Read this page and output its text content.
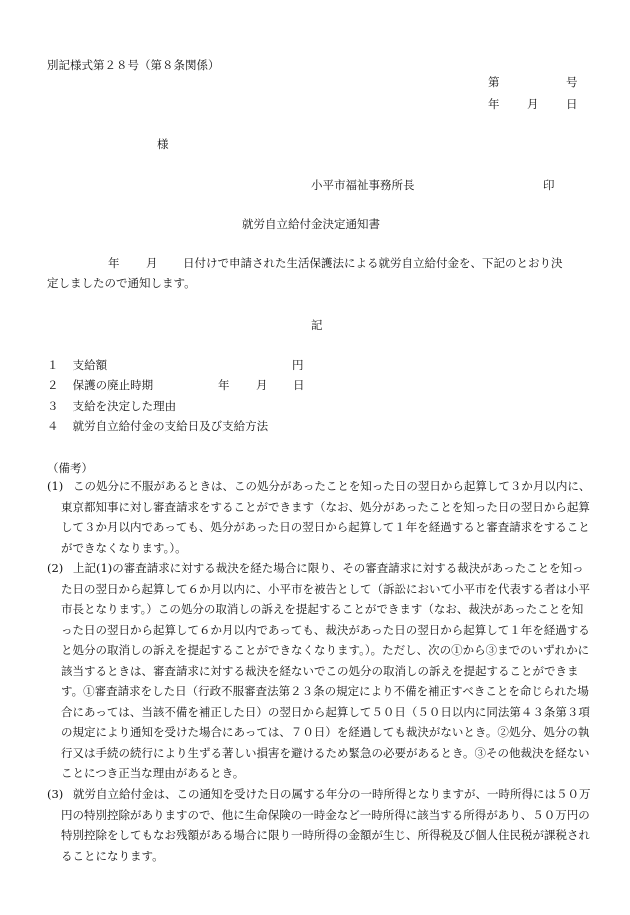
別記様式第２８号（第８条関係）
第	号
年 月 日
様
小平市福祉事務所長	印
就労自立給付金決定通知書
年 月 日付けで申請された生活保護法による就労自立給付金を、下記のとおり決
定しましたので通知します。
記
１ 支給額	円
２ 保護の廃止時期	年 月 日
３ 支給を決定した理由
４ 就労自立給付金の支給日及び支給方法
（備考）
(1) この処分に不服があるときは、この処分があったことを知った日の翌日から起算して３か月以内に、東京都知事に対し審査請求をすることができます（なお、処分があったことを知った日の翌日から起算して３か月以内であっても、処分があった日の翌日から起算して１年を経過すると審査請求をすることができなくなります。）。
(2) 上記(1)の審査請求に対する裁決を経た場合に限り、その審査請求に対する裁決があったことを知った日の翌日から起算して６か月以内に、小平市を被告として（訴訟において小平市を代表する者は小平市長となります。）この処分の取消しの訴えを提起することができます（なお、裁決があったことを知った日の翌日から起算して６か月以内であっても、裁決があった日の翌日から起算して１年を経過すると処分の取消しの訴えを提起することができなくなります。）。ただし、次の①から③までのいずれかに該当するときは、審査請求に対する裁決を経ないでこの処分の取消しの訴えを提起することができます。①審査請求をした日（行政不服審査法第２３条の規定により不備を補正すべきことを命じられた場合にあっては、当該不備を補正した日）の翌日から起算して５０日（５０日以内に同法第４３条第３項の規定により通知を受けた場合にあっては、７０日）を経過しても裁決がないとき。②処分、処分の執行又は手続の続行により生ずる著しい損害を避けるため緊急の必要があるとき。③その他裁決を経ないことにつき正当な理由があるとき。
(3) 就労自立給付金は、この通知を受けた日の属する年分の一時所得となりますが、一時所得には５０万円の特別控除がありますので、他に生命保険の一時金など一時所得に該当する所得があり、５０万円の特別控除をしてもなお残額がある場合に限り一時所得の金額が生じ、所得税及び個人住民税が課税されることになります。
